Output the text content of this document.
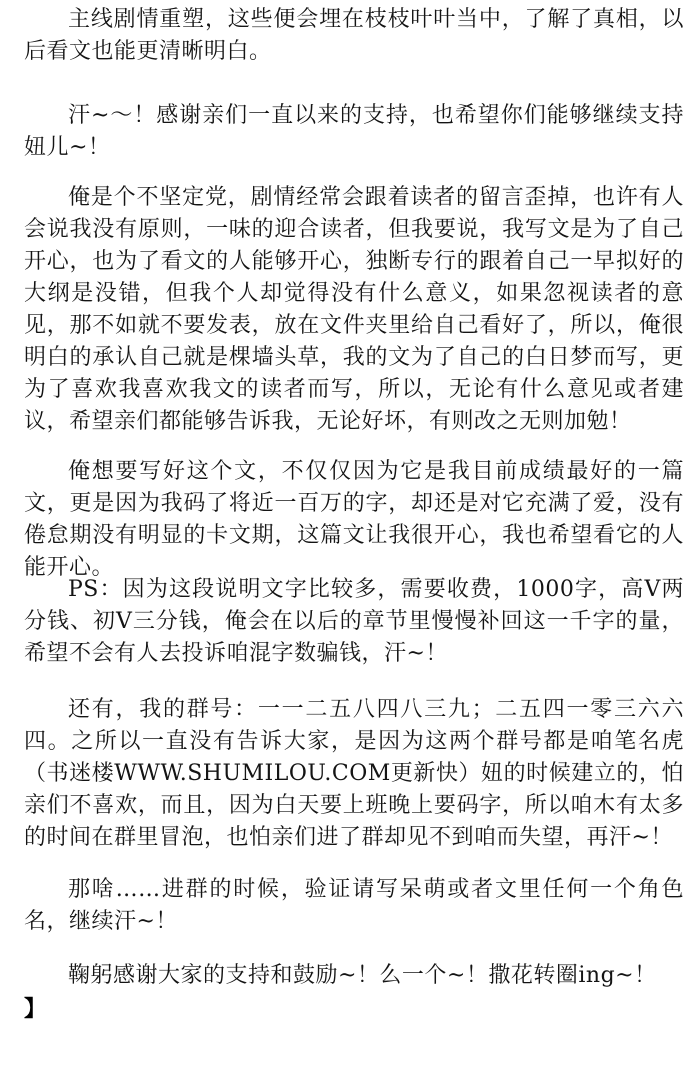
主线剧情重塑，这些便会埋在枝枝叶叶当中，了解了真相，以后看文也能更清晰明白。

汗~～！感谢亲们一直以来的支持，也希望你们能够继续支持妞儿~！

俺是个不坚定党，剧情经常会跟着读者的留言歪掉，也许有人会说我没有原则，一味的迎合读者，但我要说，我写文是为了自己开心，也为了看文的人能够开心，独断专行的跟着自己一早拟好的大纲是没错，但我个人却觉得没有什么意义，如果忽视读者的意见，那不如就不要发表，放在文件夹里给自己看好了，所以，俺很明白的承认自己就是棵墙头草，我的文为了自己的白日梦而写，更为了喜欢我喜欢我文的读者而写，所以，无论有什么意见或者建议，希望亲们都能够告诉我，无论好坏，有则改之无则加勉！

俺想要写好这个文，不仅仅因为它是我目前成绩最好的一篇文，更是因为我码了将近一百万的字，却还是对它充满了爱，没有倦怠期没有明显的卡文期，这篇文让我很开心，我也希望看它的人能开心。

PS：因为这段说明文字比较多，需要收费，1000字，高V两分钱、初V三分钱，俺会在以后的章节里慢慢补回这一千字的量，希望不会有人去投诉咱混字数骗钱，汗~！

还有，我的群号：一一二五八四八三九；二五四一零三六六四。之所以一直没有告诉大家，是因为这两个群号都是咱笔名虎（书迷楼WWW.SHUMILOU.COM更新快）妞的时候建立的，怕亲们不喜欢，而且，因为白天要上班晚上要码字，所以咱木有太多的时间在群里冒泡，也怕亲们进了群却见不到咱而失望，再汗~！

那啥……进群的时候，验证请写呆萌或者文里任何一个角色名，继续汗~！

鞠躬感谢大家的支持和鼓励~！么一个~！撒花转圈ing~！

】
